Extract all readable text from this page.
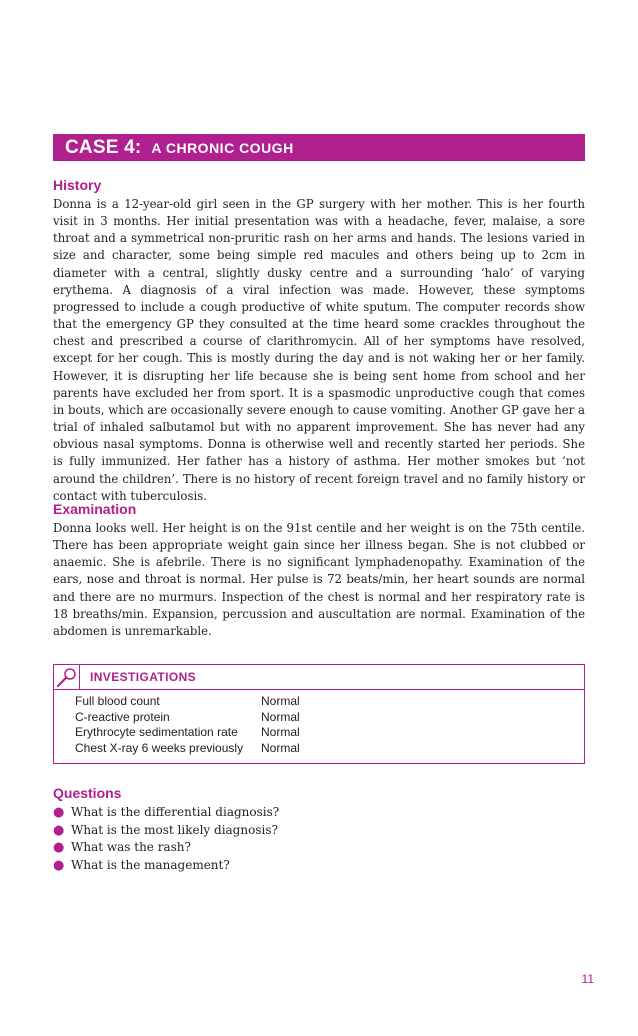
CASE 4: A CHRONIC COUGH
History

Donna is a 12-year-old girl seen in the GP surgery with her mother. This is her fourth visit in 3 months. Her initial presentation was with a headache, fever, malaise, a sore throat and a symmetrical non-pruritic rash on her arms and hands. The lesions varied in size and character, some being simple red macules and others being up to 2cm in diameter with a central, slightly dusky centre and a surrounding ‘halo’ of varying erythema. A diagnosis of a viral infection was made. However, these symptoms progressed to include a cough productive of white sputum. The computer records show that the emergency GP they consulted at the time heard some crackles throughout the chest and prescribed a course of clarithromycin. All of her symptoms have resolved, except for her cough. This is mostly during the day and is not waking her or her family. However, it is disrupting her life because she is being sent home from school and her parents have excluded her from sport. It is a spasmodic unproductive cough that comes in bouts, which are occasionally severe enough to cause vomiting. Another GP gave her a trial of inhaled salbutamol but with no apparent improvement. She has never had any obvious nasal symptoms. Donna is otherwise well and recently started her periods. She is fully immunized. Her father has a history of asthma. Her mother smokes but ‘not around the children’. There is no history of recent foreign travel and no family history or contact with tuberculosis.

Examination

Donna looks well. Her height is on the 91st centile and her weight is on the 75th centile. There has been appropriate weight gain since her illness began. She is not clubbed or anaemic. She is afebrile. There is no significant lymphadenopathy. Examination of the ears, nose and throat is normal. Her pulse is 72 beats/min, her heart sounds are normal and there are no murmurs. Inspection of the chest is normal and her respiratory rate is 18 breaths/min. Expansion, percussion and auscultation are normal. Examination of the abdomen is unremarkable.

INVESTIGATIONS
Full blood count	Normal
C-reactive protein	Normal
Erythrocyte sedimentation rate	Normal
Chest X-ray 6 weeks previously	Normal
Questions
● What is the differential diagnosis?
● What is the most likely diagnosis?
● What was the rash?
● What is the management?
11
